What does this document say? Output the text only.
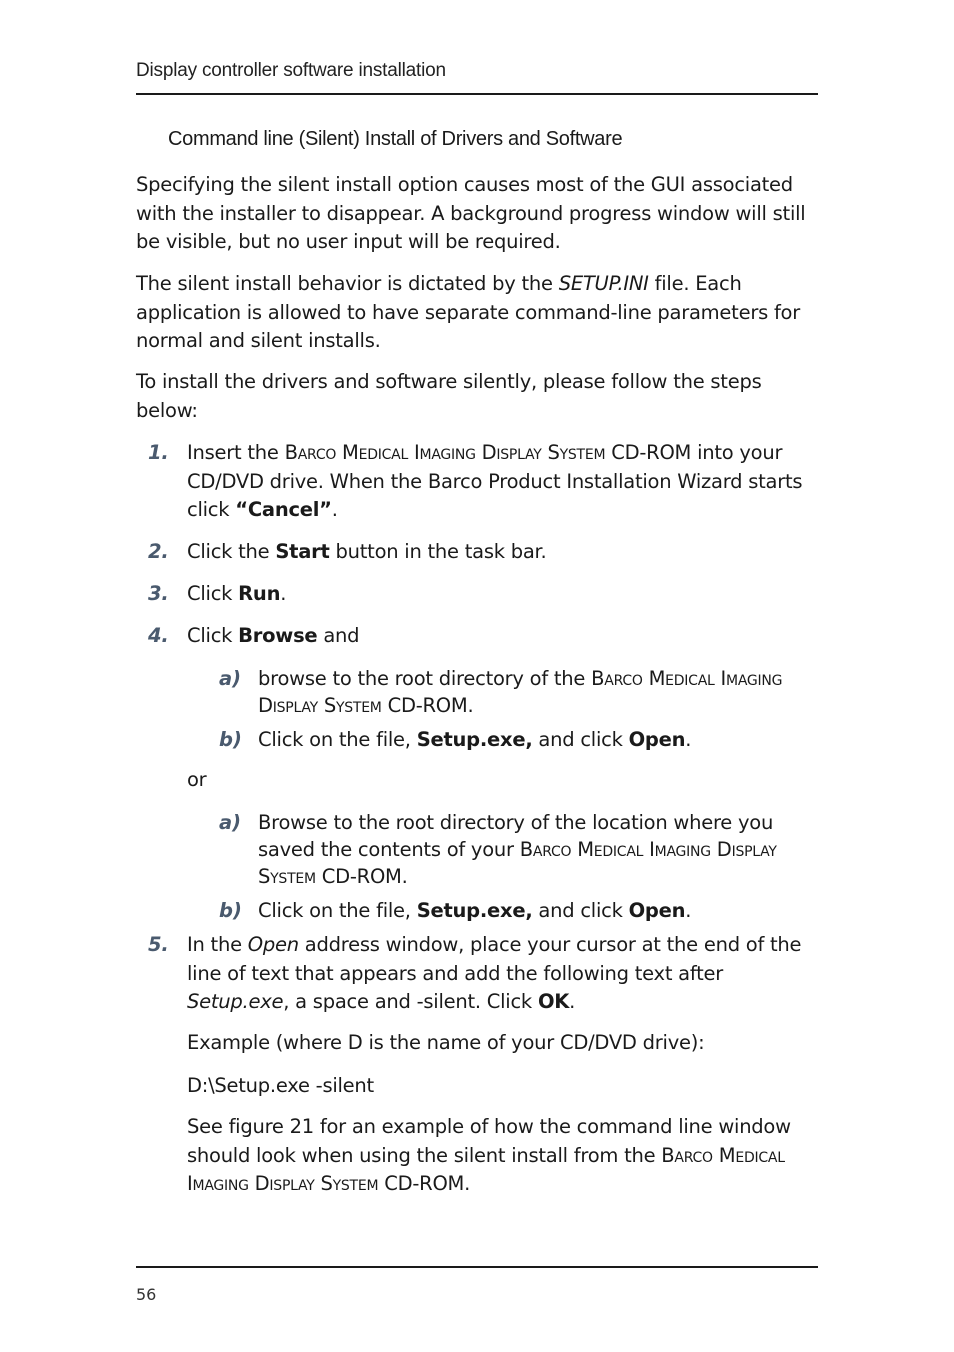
Display controller software installation
Command line (Silent) Install of Drivers and Software

Specifying the silent install option causes most of the GUI associated with the installer to disappear. A background progress window will still be visible, but no user input will be required.

The silent install behavior is dictated by the SETUP.INI file. Each application is allowed to have separate command-line parameters for normal and silent installs.

To install the drivers and software silently, please follow the steps below:

1. Insert the Barco Medical Imaging Display System CD-ROM into your CD/DVD drive. When the Barco Product Installation Wizard starts click “Cancel”.
2. Click the Start button in the task bar.
3. Click Run.
4. Click Browse and
a) browse to the root directory of the Barco Medical Imaging Display System CD-ROM.
b) Click on the file, Setup.exe, and click Open.
or
a) Browse to the root directory of the location where you saved the contents of your Barco Medical Imaging Display System CD-ROM.
b) Click on the file, Setup.exe, and click Open.
5. In the Open address window, place your cursor at the end of the line of text that appears and add the following text after Setup.exe, a space and -silent. Click OK.
Example (where D is the name of your CD/DVD drive):
D:\Setup.exe -silent
See figure 21 for an example of how the command line window should look when using the silent install from the Barco Medical Imaging Display System CD-ROM.
56
